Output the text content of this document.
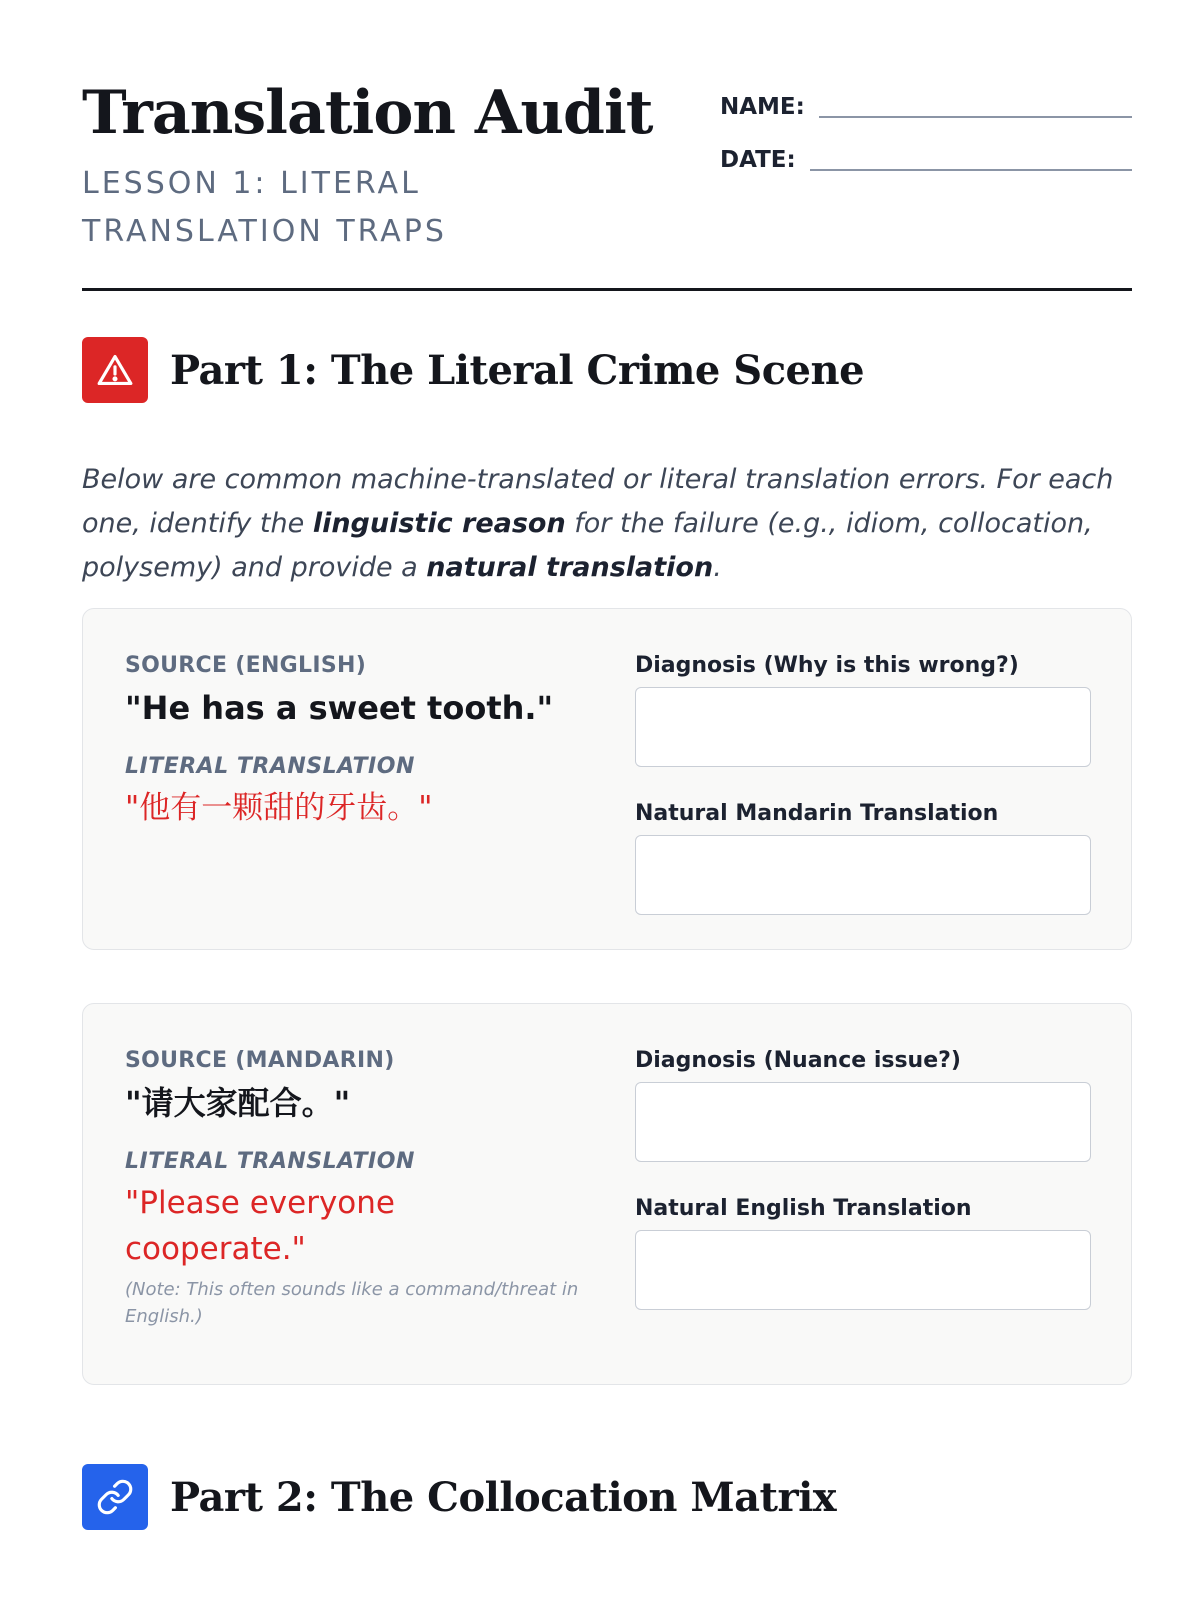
Translation Audit
LESSON 1: LITERAL TRANSLATION TRAPS
NAME:
DATE:
Part 1: The Literal Crime Scene

Below are common machine-translated or literal translation errors. For each one, identify the linguistic reason for the failure (e.g., idiom, collocation, polysemy) and provide a natural translation.

SOURCE (ENGLISH)
"He has a sweet tooth."
LITERAL TRANSLATION
"他有一颗甜的牙齿。"
Diagnosis (Why is this wrong?)
Natural Mandarin Translation
SOURCE (MANDARIN)
"请大家配合。"
LITERAL TRANSLATION
"Please everyone cooperate."
(Note: This often sounds like a command/threat in English.)
Diagnosis (Nuance issue?)
Natural English Translation
Part 2: The Collocation Matrix
